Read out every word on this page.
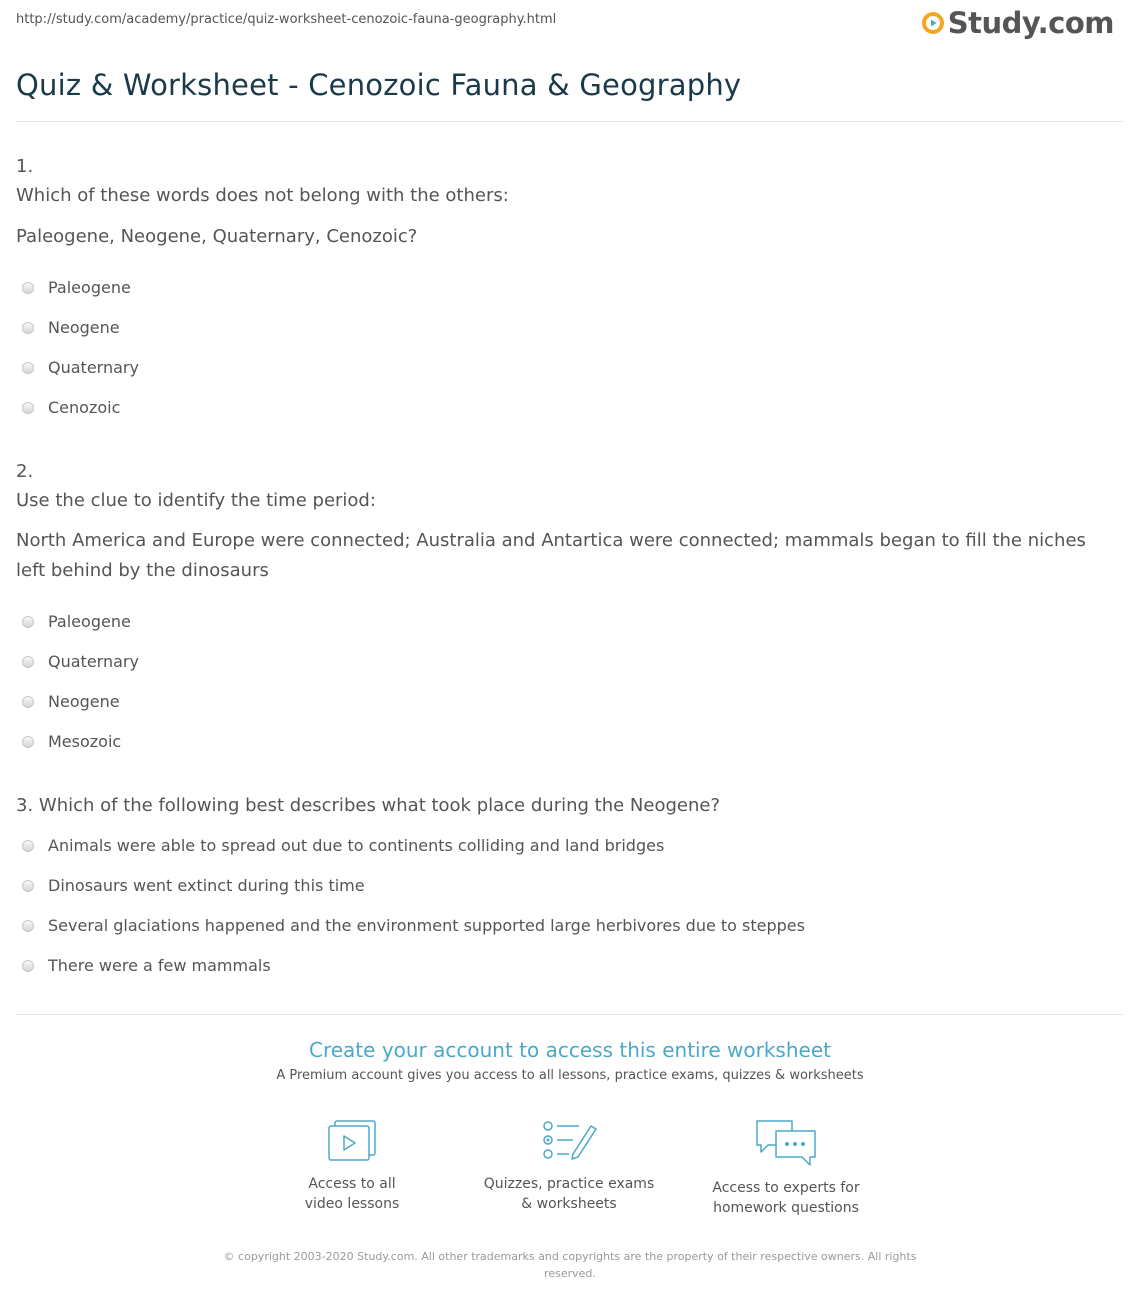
http://study.com/academy/practice/quiz-worksheet-cenozoic-fauna-geography.html	Study.com
Quiz & Worksheet - Cenozoic Fauna & Geography
1.
Which of these words does not belong with the others:
Paleogene, Neogene, Quaternary, Cenozoic?
Paleogene
Neogene
Quaternary
Cenozoic
2.
Use the clue to identify the time period:
North America and Europe were connected; Australia and Antartica were connected; mammals began to fill the niches left behind by the dinosaurs
Paleogene
Quaternary
Neogene
Mesozoic
3. Which of the following best describes what took place during the Neogene?
Animals were able to spread out due to continents colliding and land bridges
Dinosaurs went extinct during this time
Several glaciations happened and the environment supported large herbivores due to steppes
There were a few mammals
Create your account to access this entire worksheet
A Premium account gives you access to all lessons, practice exams, quizzes & worksheets
Access to all
video lessons
Quizzes, practice exams
& worksheets
Access to experts for
homework questions
© copyright 2003-2020 Study.com. All other trademarks and copyrights are the property of their respective owners. All rights reserved.
